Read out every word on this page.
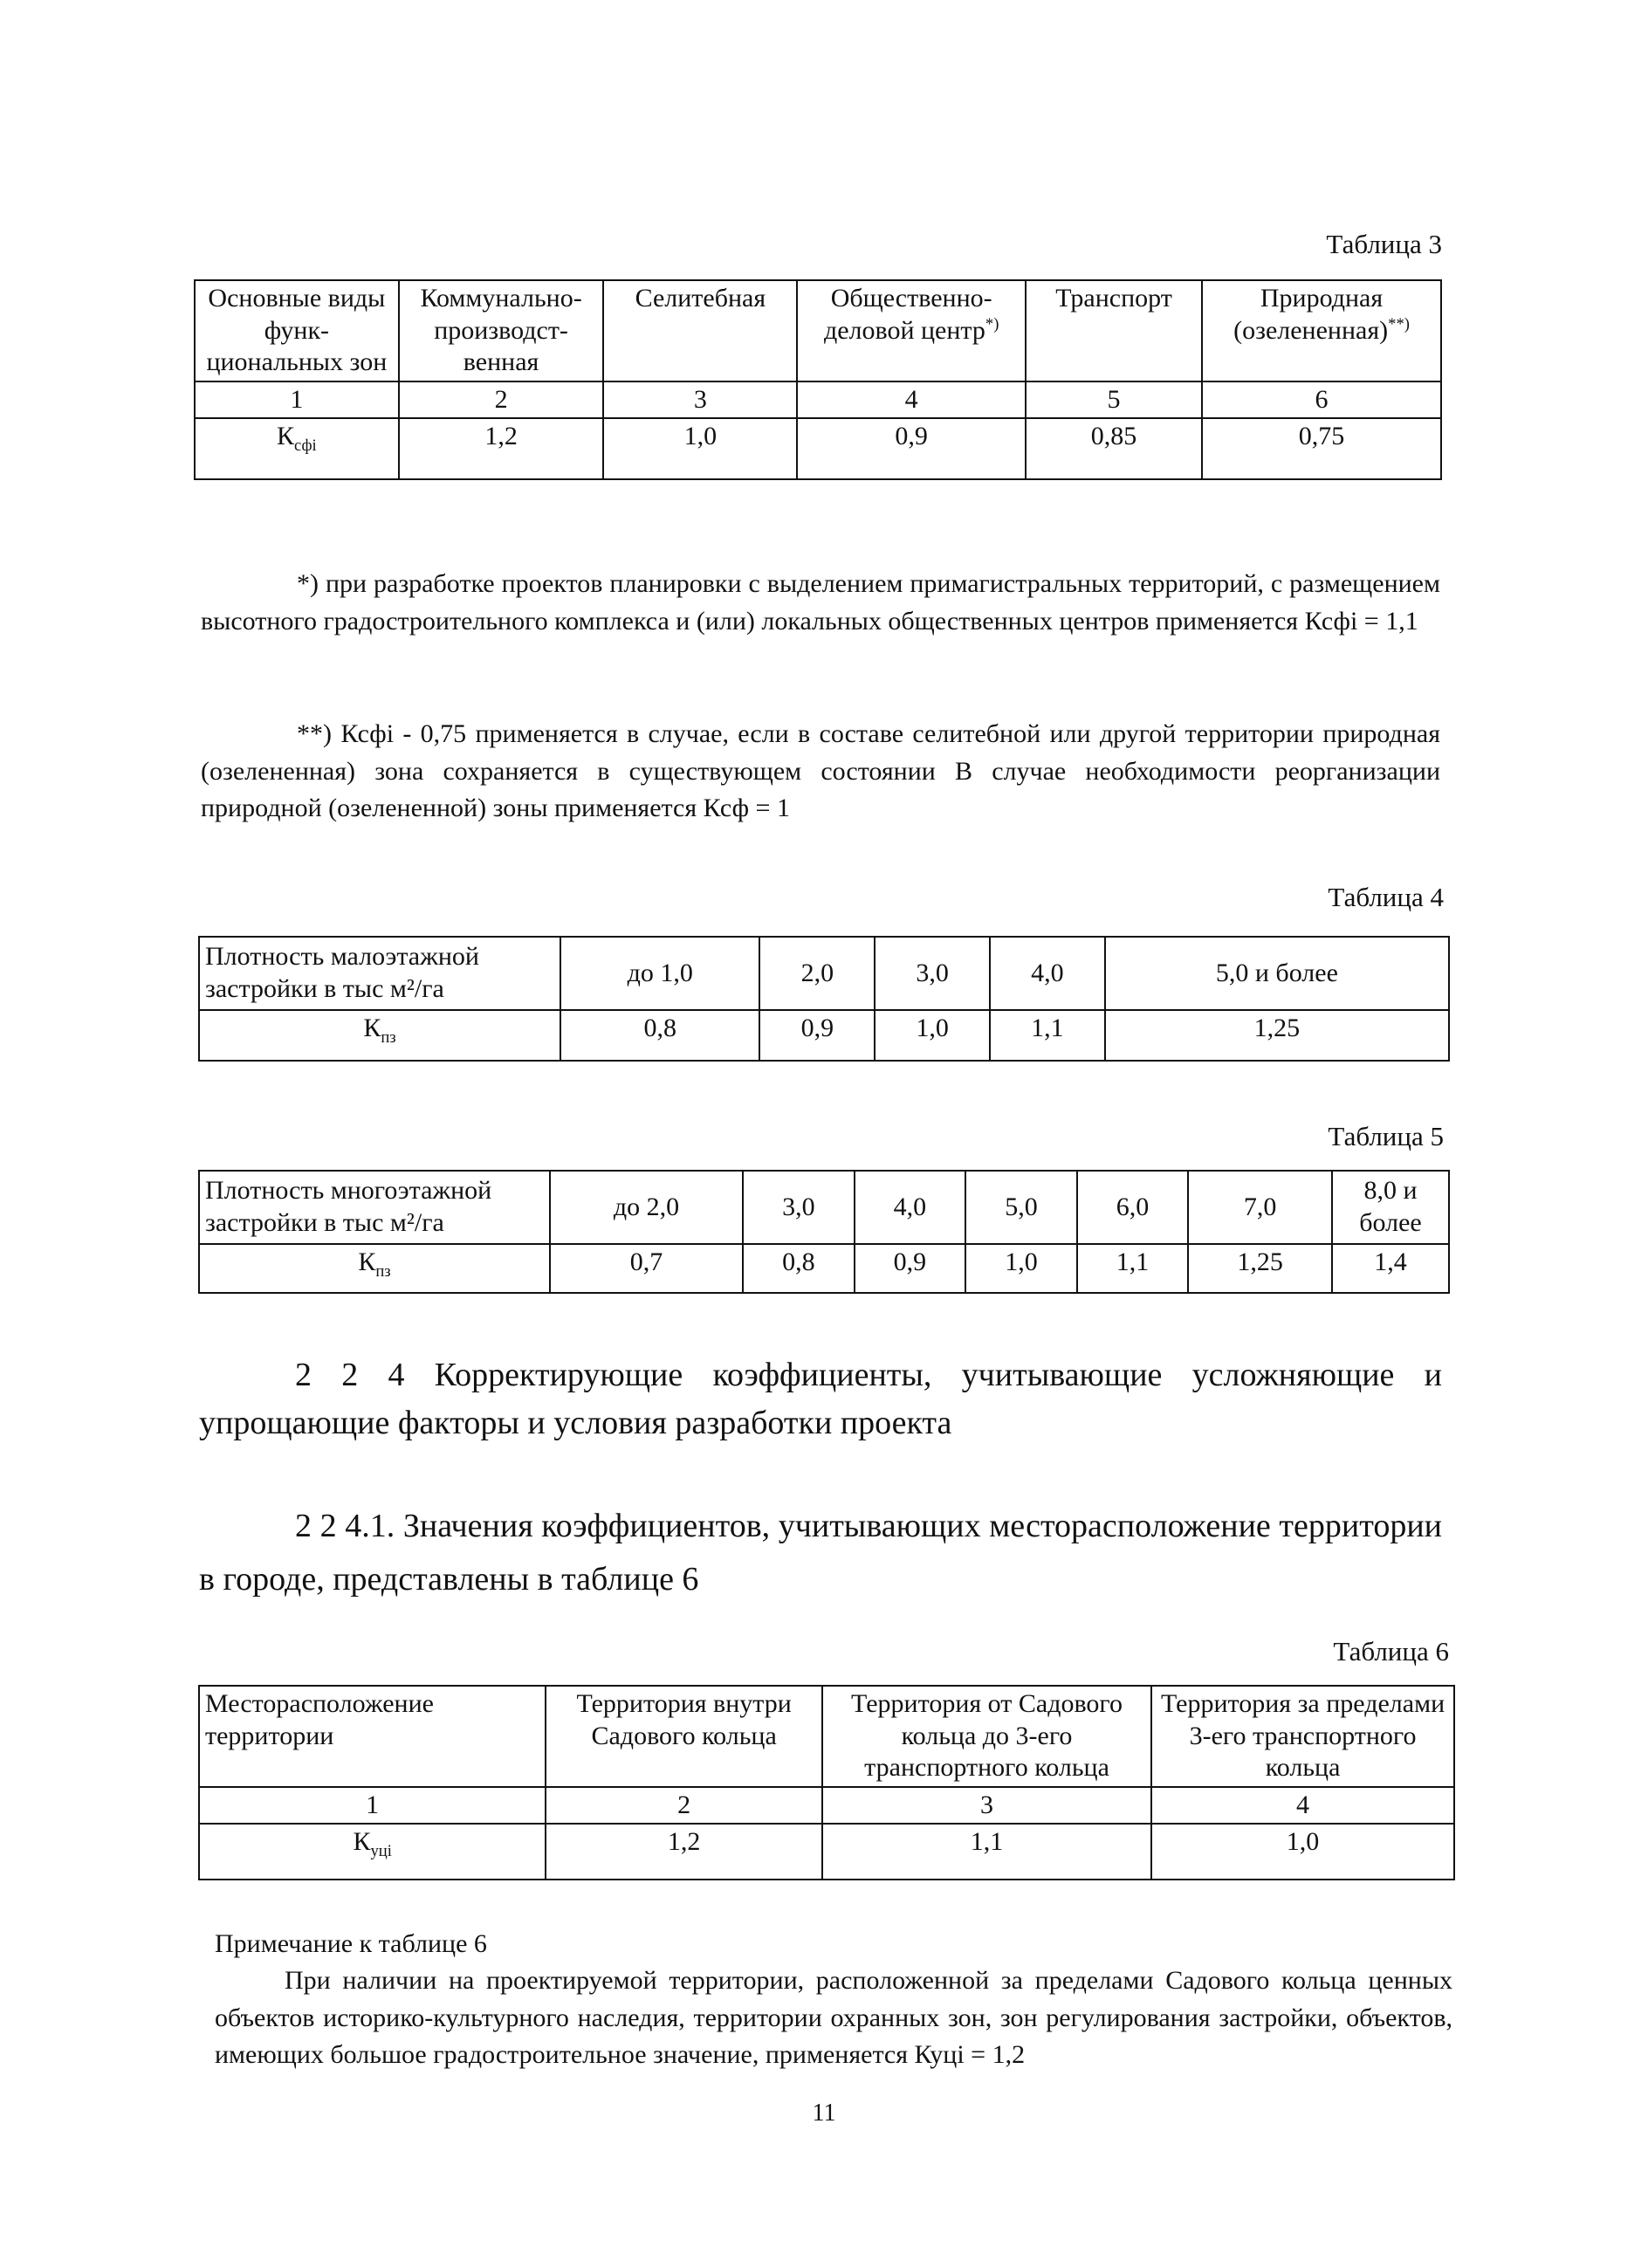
Таблица 3
Основные виды функ-циональных зон	Коммунально-производст-венная	Селитебная	Общественно-деловой центр*)	Транспорт	Природная (озелененная)**)
1	2	3	4	5	6
$К_{сфi}$	1,2	1,0	0,9	0,85	0,75
*) при разработке проектов планировки с выделением примагистральных территорий, с размещением высотного градостроительного комплекса и (или) локальных общественных центров применяется Ксфi = 1,1
**) Ксфi - 0,75 применяется в случае, если в составе селитебной или другой территории природная (озелененная) зона сохраняется в существующем состоянии В случае необходимости реорганизации природной (озелененной) зоны применяется Ксф = 1
Таблица 4
Плотность малоэтажной застройки в тыс м²/га	до 1,0	2,0	3,0	4,0	5,0 и более
$К_{пз}$	0,8	0,9	1,0	1,1	1,25
Таблица 5
Плотность многоэтажной застройки в тыс м²/га	до 2,0	3,0	4,0	5,0	6,0	7,0	8,0 и более
$К_{пз}$	0,7	0,8	0,9	1,0	1,1	1,25	1,4
2 2 4 Корректирующие коэффициенты, учитывающие усложняющие и упрощающие факторы и условия разработки проекта
2 2 4.1. Значения коэффициентов, учитывающих месторасположение территории в городе, представлены в таблице 6
Таблица 6
Месторасположение территории	Территория внутри Садового кольца	Территория от Садового кольца до 3-его транспортного кольца	Территория за пределами 3-его транспортного кольца
1	2	3	4
$К_{уцi}$	1,2	1,1	1,0
Примечание к таблице 6
При наличии на проектируемой территории, расположенной за пределами Садового кольца ценных объектов историко-культурного наследия, территории охранных зон, зон регулирования застройки, объектов, имеющих большое градостроительное значение, применяется Куцi = 1,2
11
